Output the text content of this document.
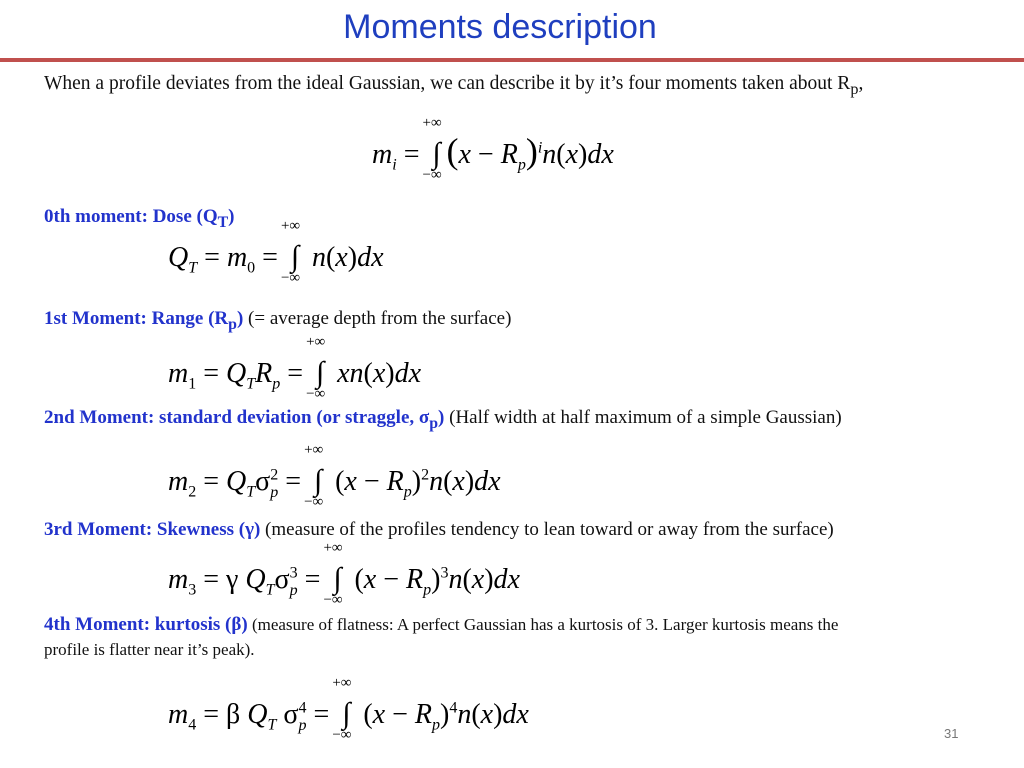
Moments description
When a profile deviates from the ideal Gaussian, we can describe it by it’s four moments taken about $R_p$,
$m_i$ =
+∞
∫
−∞
$(x - R_p)^in(x)dx$
0th moment: Dose $(Q_T)$
$Q_T = m_0$ =
+∞
∫
−∞
n(x)dx
1st Moment: Range $(R_p)$ (= average depth from the surface)
$m_1 = Q_TR_p$ =
+∞
∫
−∞
xn(x)dx
2nd Moment: standard deviation (or straggle, $\sigma_p$) (Half width at half maximum of a simple Gaussian)
$m_2 = Q_T\sigma^2_p$ =
+∞
∫
−∞
$(x - R_p)^2n(x)dx$
3rd Moment: Skewness (γ) (measure of the profiles tendency to lean toward or away from the surface)
$m_3 = \gamma$ $Q_T\sigma^3_p$ =
+∞
∫
−∞
$(x - R_p)^3n(x)dx$
4th Moment: kurtosis (β) (measure of flatness: A perfect Gaussian has a kurtosis of 3. Larger kurtosis means the
profile is flatter near it’s peak).
$m_4 = \beta$ $Q_T$ $\sigma^4_p$ =
+∞
∫
−∞
$(x - R_p)^4n(x)dx$
31
